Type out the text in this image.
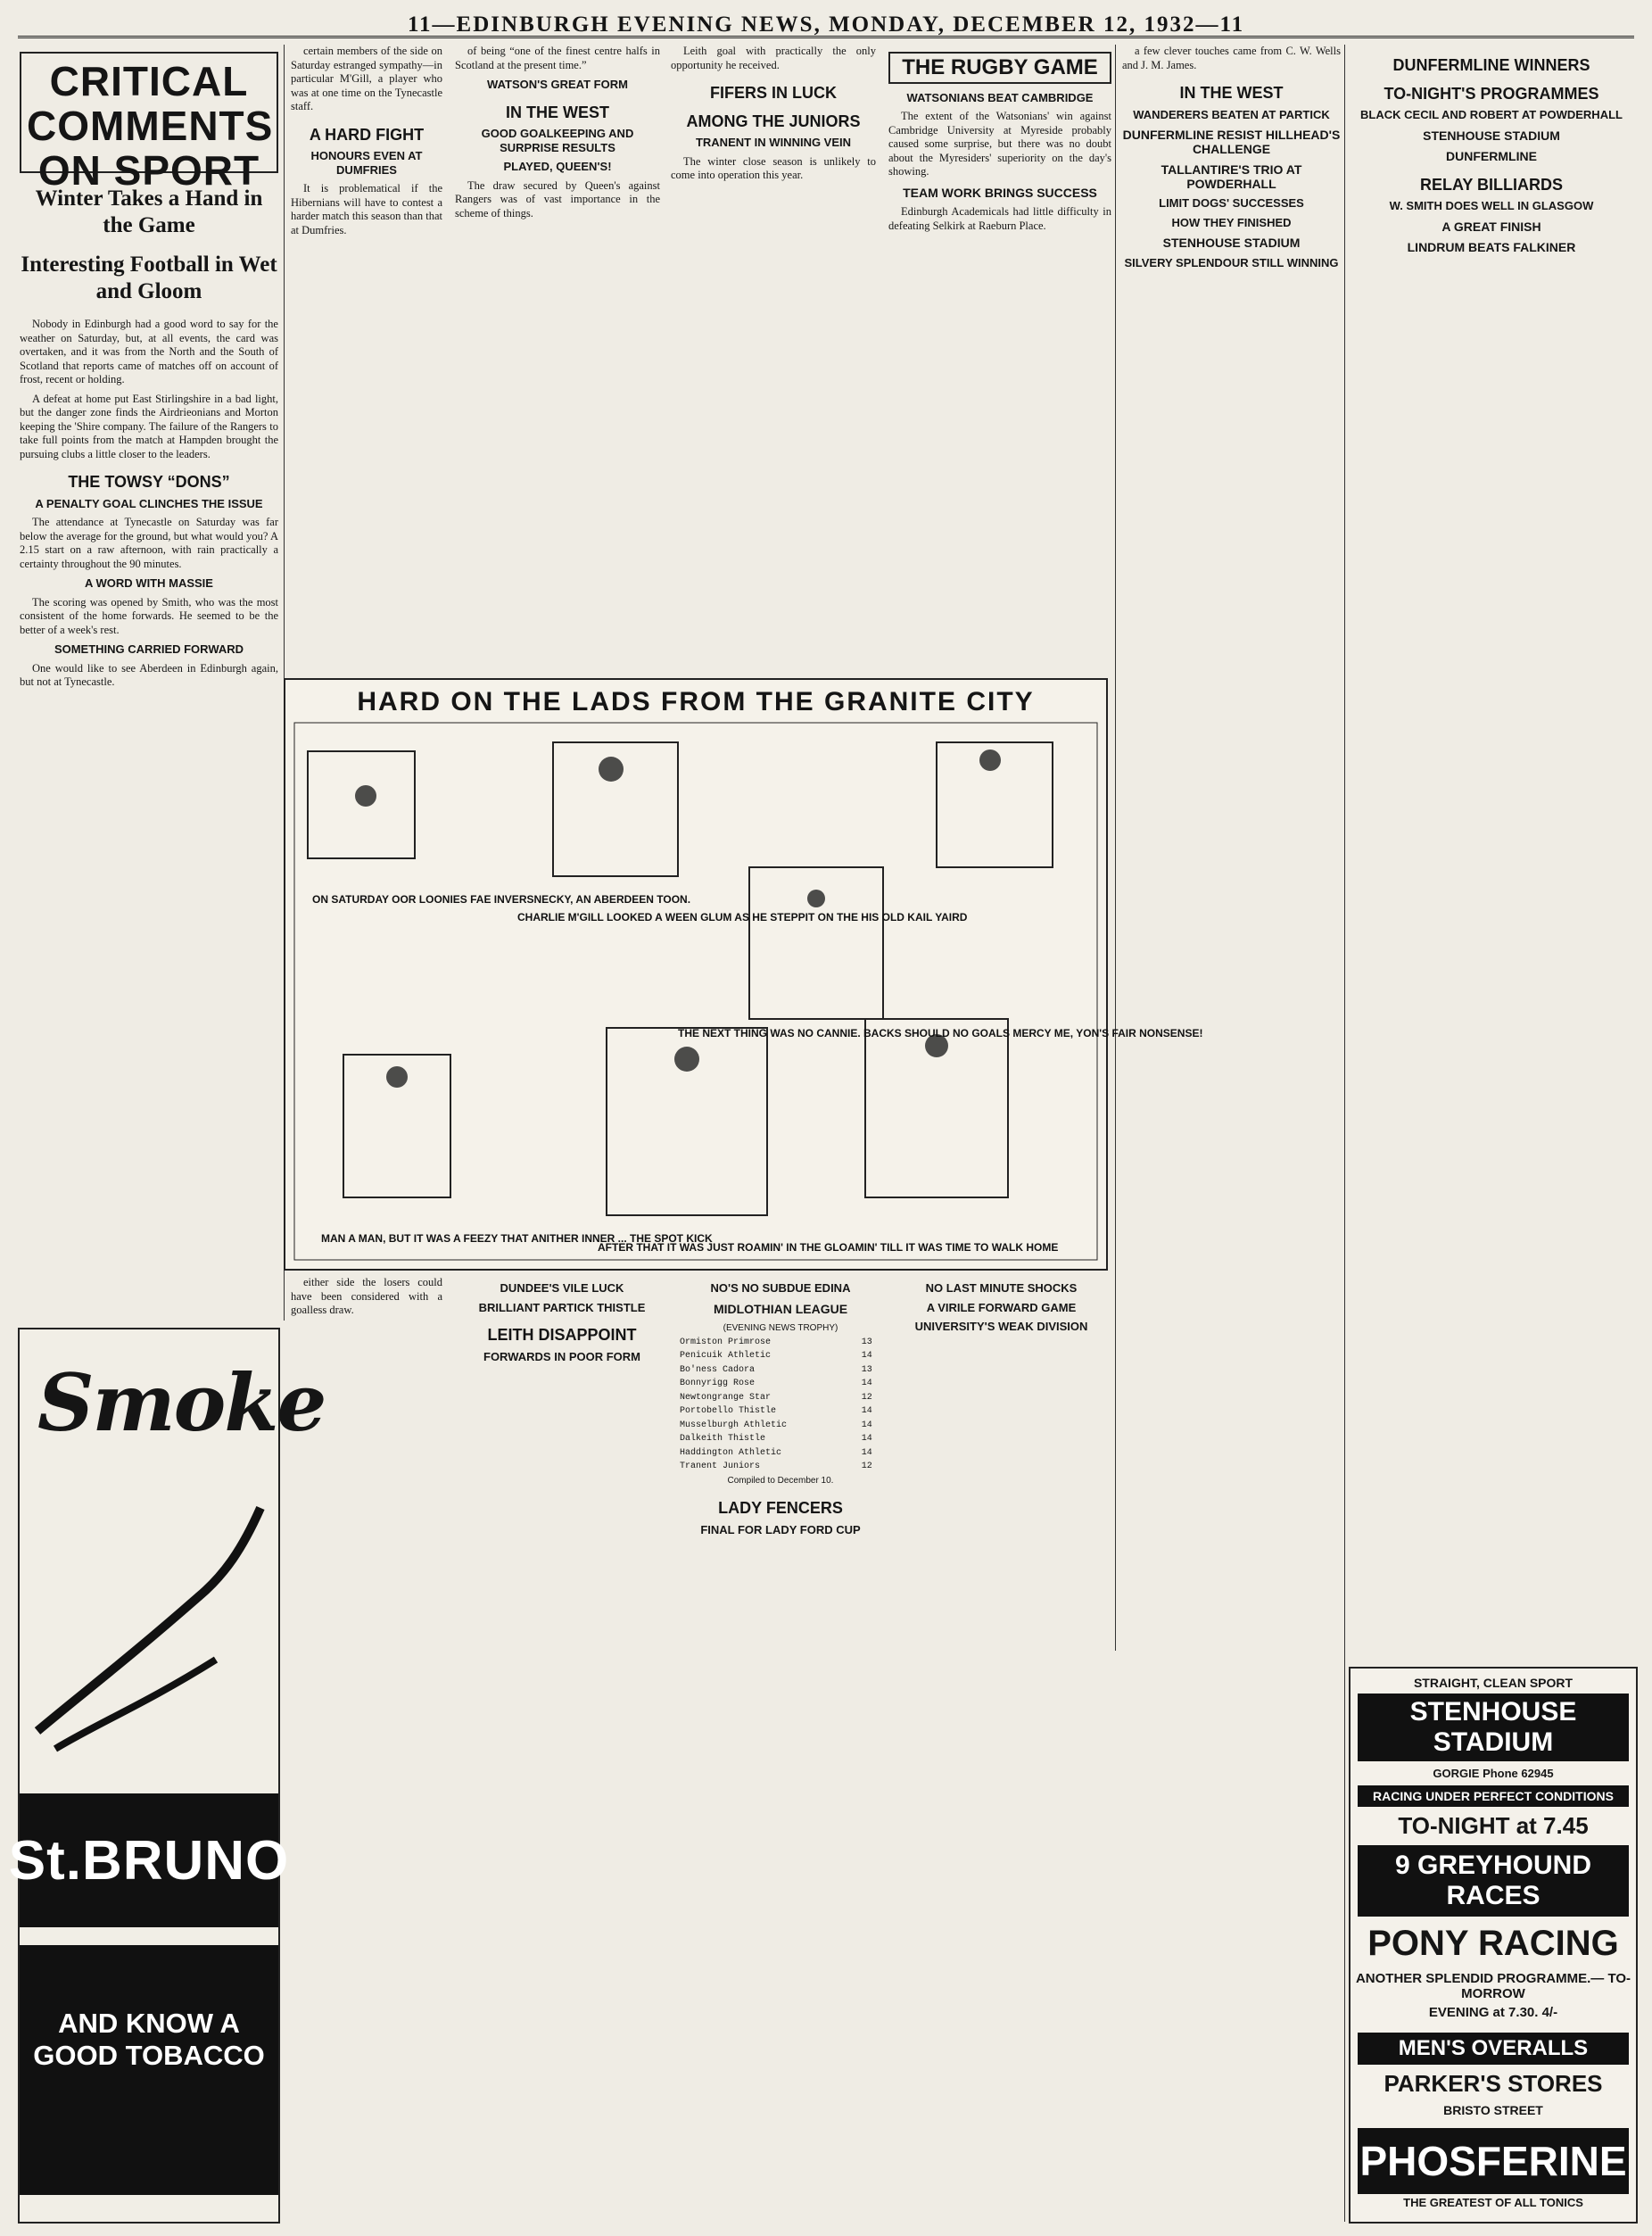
11—EDINBURGH EVENING NEWS, MONDAY, DECEMBER 12, 1932—11
CRITICAL COMMENTS ON SPORT
Winter Takes a Hand in the Game
Interesting Football in Wet and Gloom

Nobody in Edinburgh had a good word to say for the weather on Saturday, but, at all events, the card was overtaken, and it was from the North and the South of Scotland that reports came of matches off on account of frost, recent or holding.

A defeat at home put East Stirlingshire in a bad light, but the danger zone finds the Airdrieonians and Morton keeping the 'Shire company. The failure of the Rangers to take full points from the match at Hampden brought the pursuing clubs a little closer to the leaders.

THE TOWSY “DONS”
A PENALTY GOAL CLINCHES THE ISSUE

The attendance at Tynecastle on Saturday was far below the average for the ground, but what would you? A 2.15 start on a raw afternoon, with rain practically a certainty throughout the 90 minutes.

A WORD WITH MASSIE

The scoring was opened by Smith, who was the most consistent of the home forwards. He seemed to be the better of a week's rest.

SOMETHING CARRIED FORWARD

One would like to see Aberdeen in Edinburgh again, but not at Tynecastle.

certain members of the side on Saturday estranged sympathy—in particular M'Gill, a player who was at one time on the Tynecastle staff.

A HARD FIGHT
HONOURS EVEN AT DUMFRIES

It is problematical if the Hibernians will have to contest a harder match this season than that at Dumfries.

of being “one of the finest centre halfs in Scotland at the present time.”

WATSON'S GREAT FORM
IN THE WEST
GOOD GOALKEEPING AND SURPRISE RESULTS
PLAYED, QUEEN'S!

The draw secured by Queen's against Rangers was of vast importance in the scheme of things.

Leith goal with practically the only opportunity he received.

FIFERS IN LUCK
AMONG THE JUNIORS
TRANENT IN WINNING VEIN

The winter close season is unlikely to come into operation this year.

THE RUGBY GAME
WATSONIANS BEAT CAMBRIDGE

The extent of the Watsonians' win against Cambridge University at Myreside probably caused some surprise, but there was no doubt about the Myresiders' superiority on the day's showing.

TEAM WORK BRINGS SUCCESS

Edinburgh Academicals had little difficulty in defeating Selkirk at Raeburn Place.

a few clever touches came from C. W. Wells and J. M. James.

IN THE WEST
WANDERERS BEATEN AT PARTICK
DUNFERMLINE RESIST HILLHEAD'S CHALLENGE
TALLANTIRE'S TRIO AT POWDERHALL
LIMIT DOGS' SUCCESSES
HOW THEY FINISHED
STENHOUSE STADIUM
SILVERY SPLENDOUR STILL WINNING
DUNFERMLINE WINNERS
TO-NIGHT'S PROGRAMMES
BLACK CECIL AND ROBERT AT POWDERHALL
STENHOUSE STADIUM
DUNFERMLINE
RELAY BILLIARDS
W. SMITH DOES WELL IN GLASGOW
A GREAT FINISH
LINDRUM BEATS FALKINER
HARD ON THE LADS FROM THE GRANITE CITY
ON SATURDAY OOR LOONIES FAE INVERSNECKY, AN ABERDEEN TOON.
CHARLIE M'GILL LOOKED A WEEN GLUM AS HE STEPPIT ON THE HIS OLD KAIL YAIRD
THE NEXT THING WAS NO CANNIE. BACKS SHOULD NO GOALS MERCY ME, YON'S FAIR NONSENSE!
MAN A MAN, BUT IT WAS A FEEZY THAT ANITHER INNER ... THE SPOT KICK
AFTER THAT IT WAS JUST ROAMIN' IN THE GLOAMIN' TILL IT WAS TIME TO WALK HOME

either side the losers could have been considered with a goalless draw.

DUNDEE'S VILE LUCK
BRILLIANT PARTICK THISTLE
LEITH DISAPPOINT
FORWARDS IN POOR FORM
NO'S NO SUBDUE EDINA
MIDLOTHIAN LEAGUE
(EVENING NEWS TROPHY)
Ormiston Primrose	13
Penicuik Athletic	14
Bo'ness Cadora	13
Bonnyrigg Rose	14
Newtongrange Star	12
Portobello Thistle	14
Musselburgh Athletic	14
Dalkeith Thistle	14
Haddington Athletic	14
Tranent Juniors	12
Compiled to December 10.
LADY FENCERS
FINAL FOR LADY FORD CUP
NO LAST MINUTE SHOCKS
A VIRILE FORWARD GAME
UNIVERSITY'S WEAK DIVISION
Smoke
St.BRUNO
AND KNOW A GOOD TOBACCO
STRAIGHT, CLEAN SPORT
STENHOUSE STADIUM
GORGIE Phone 62945
RACING UNDER PERFECT CONDITIONS
TO-NIGHT at 7.45
9 GREYHOUND RACES
PONY RACING
ANOTHER SPLENDID PROGRAMME.— TO-MORROW
EVENING at 7.30. 4/-
MEN'S OVERALLS
PARKER'S STORES
BRISTO STREET
PHOSFERINE
THE GREATEST OF ALL TONICS
